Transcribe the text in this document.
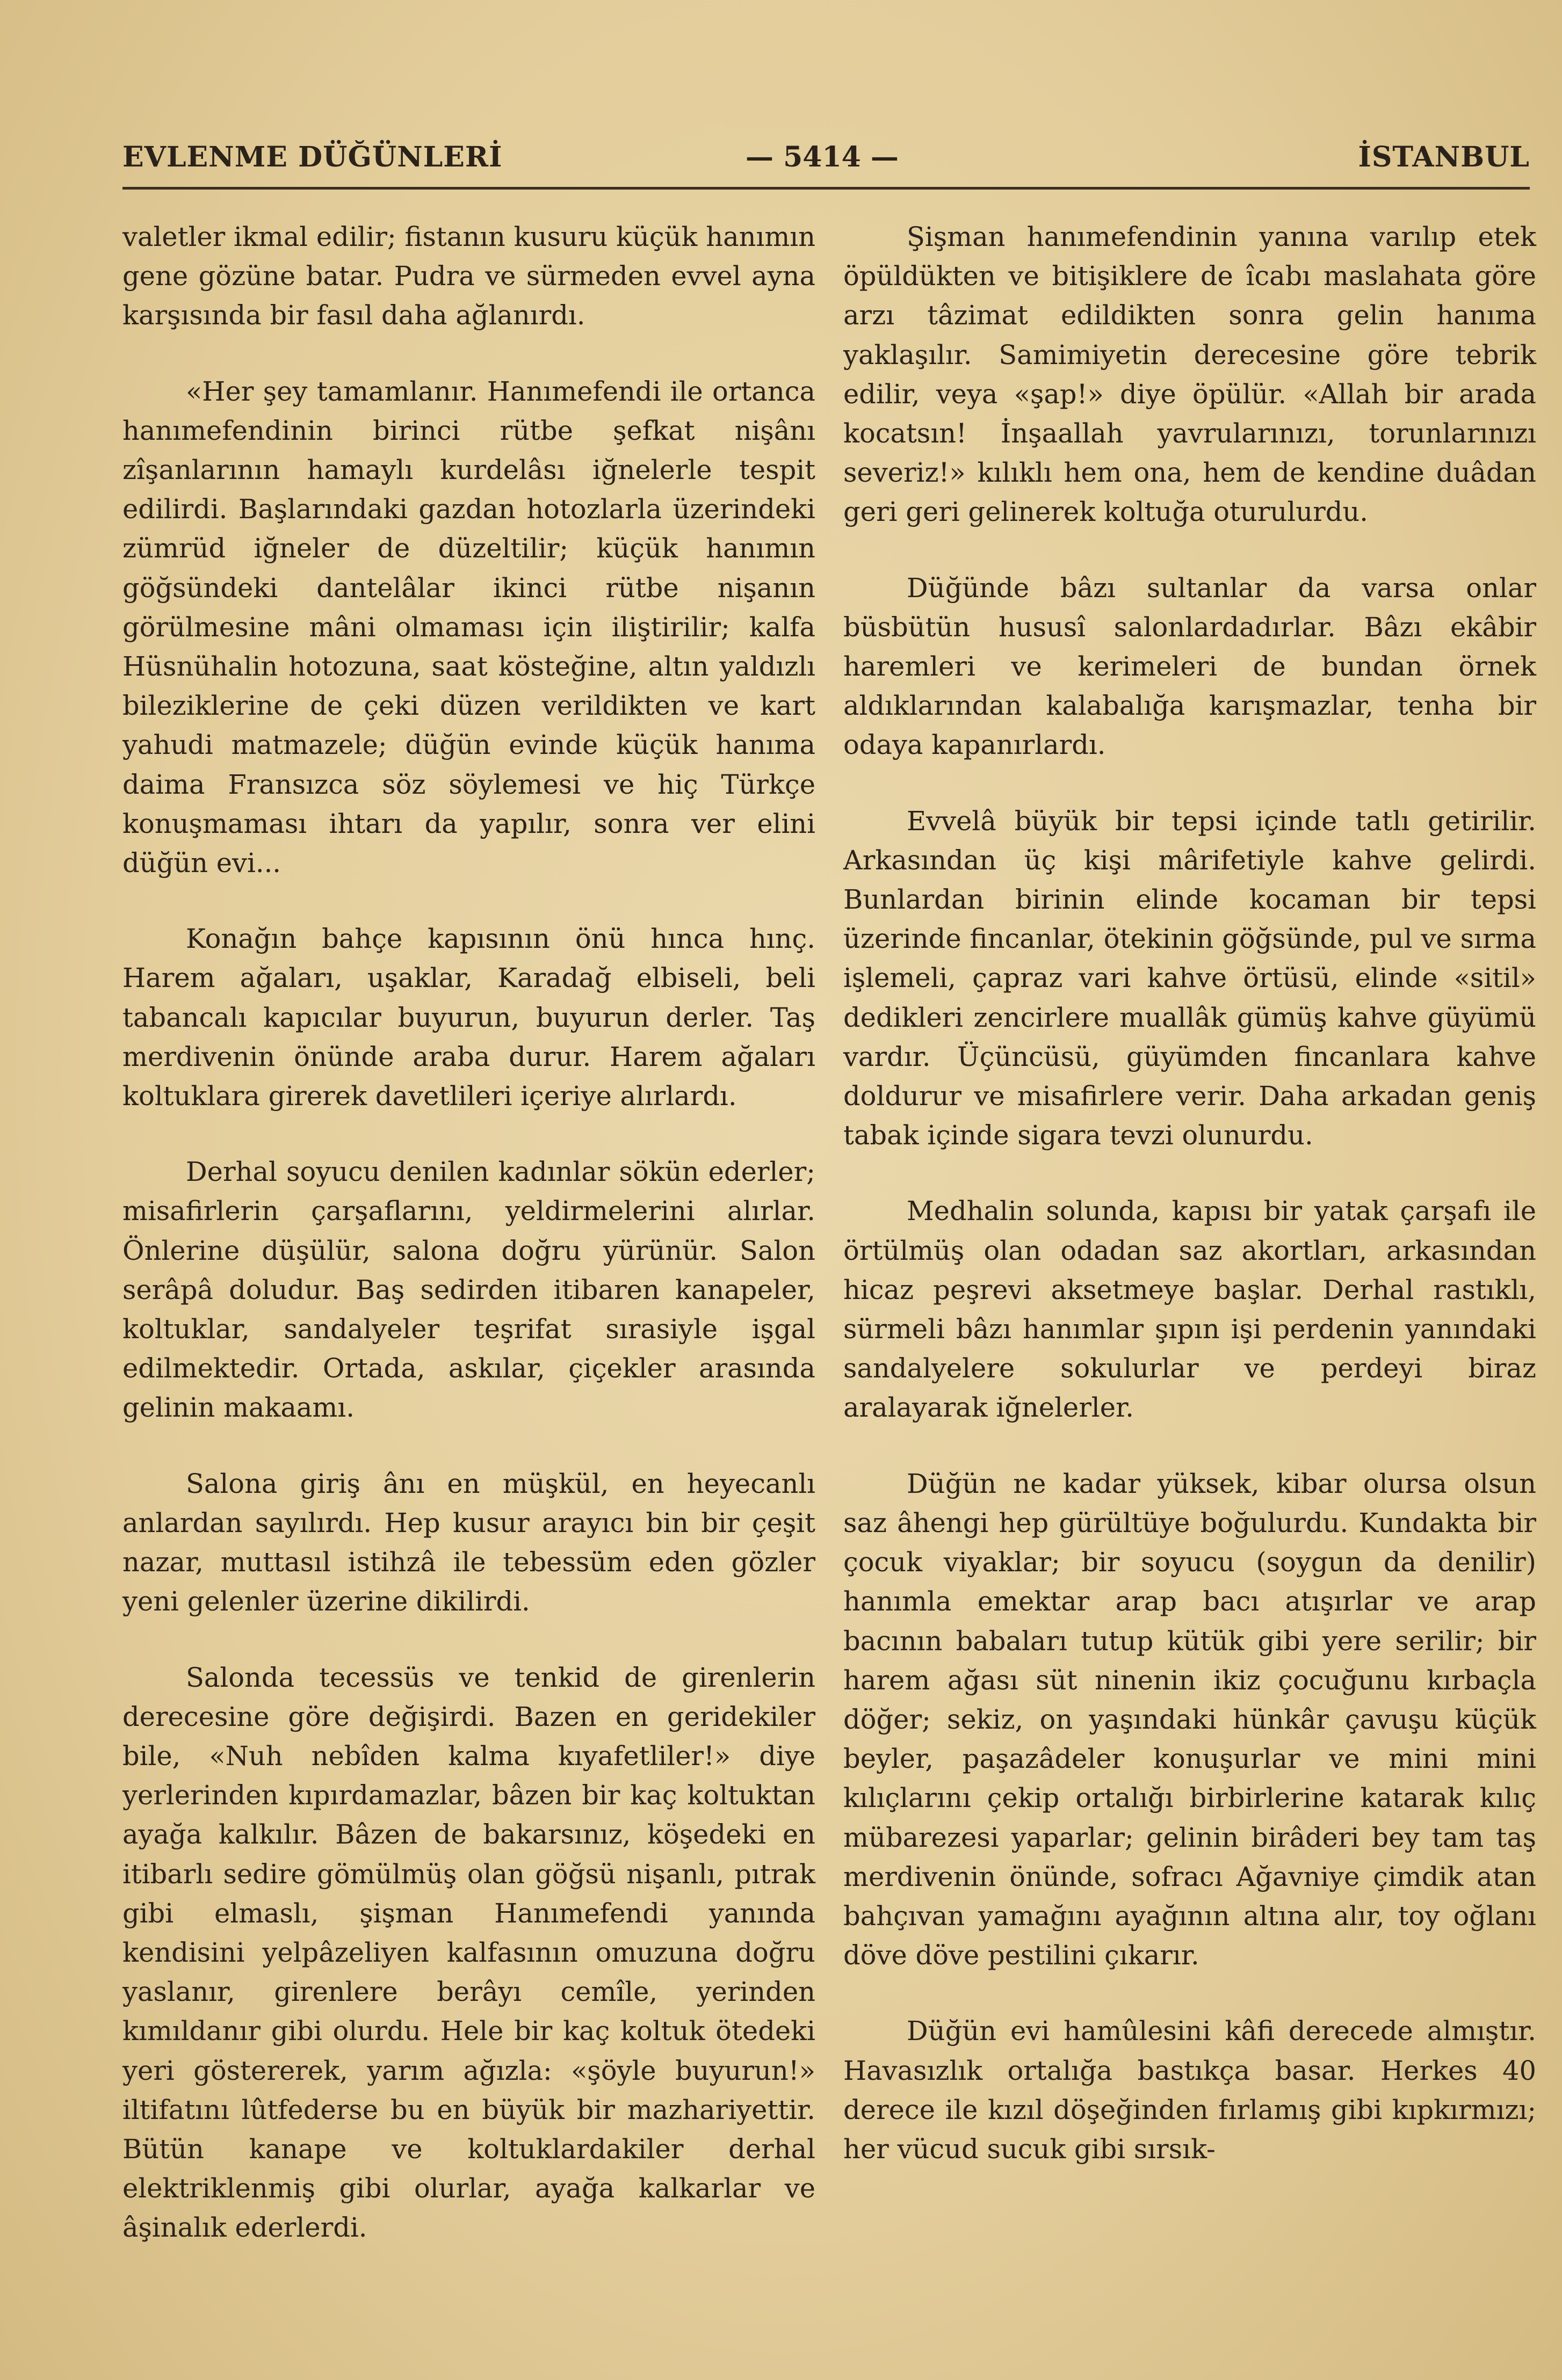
EVLENME DÜĞÜNLERİ	— 5414 —	İSTANBUL

valetler ikmal edilir; fistanın kusuru küçük hanımın gene gözüne batar. Pudra ve sürmeden evvel ayna karşısında bir fasıl daha ağlanırdı.

«Her şey tamamlanır. Hanımefendi ile ortanca hanımefendinin birinci rütbe şefkat nişânı zîşanlarının hamaylı kurdelâsı iğnelerle tespit edilirdi. Başlarındaki gazdan hotozlarla üzerindeki zümrüd iğneler de düzeltilir; küçük hanımın göğsündeki dantelâlar ikinci rütbe nişanın görülmesine mâni olmaması için iliştirilir; kalfa Hüsnühalin hotozuna, saat kösteğine, altın yaldızlı bileziklerine de çeki düzen verildikten ve kart yahudi matmazele; düğün evinde küçük hanıma daima Fransızca söz söylemesi ve hiç Türkçe konuşmaması ihtarı da yapılır, sonra ver elini düğün evi...

Konağın bahçe kapısının önü hınca hınç. Harem ağaları, uşaklar, Karadağ elbiseli, beli tabancalı kapıcılar buyurun, buyurun derler. Taş merdivenin önünde araba durur. Harem ağaları koltuklara girerek davetlileri içeriye alırlardı.

Derhal soyucu denilen kadınlar sökün ederler; misafirlerin çarşaflarını, yeldirmelerini alırlar. Önlerine düşülür, salona doğru yürünür. Salon serâpâ doludur. Baş sedirden itibaren kanapeler, koltuklar, sandalyeler teşrifat sırasiyle işgal edilmektedir. Ortada, askılar, çiçekler arasında gelinin makaamı.

Salona giriş ânı en müşkül, en heyecanlı anlardan sayılırdı. Hep kusur arayıcı bin bir çeşit nazar, muttasıl istihzâ ile tebessüm eden gözler yeni gelenler üzerine dikilirdi.

Salonda tecessüs ve tenkid de girenlerin derecesine göre değişirdi. Bazen en geridekiler bile, «Nuh nebîden kalma kıyafetliler!» diye yerlerinden kıpırdamazlar, bâzen bir kaç koltuktan ayağa kalkılır. Bâzen de bakarsınız, köşedeki en itibarlı sedire gömülmüş olan göğsü nişanlı, pıtrak gibi elmaslı, şişman Hanımefendi yanında kendisini yelpâzeliyen kalfasının omuzuna doğru yaslanır, girenlere berâyı cemîle, yerinden kımıldanır gibi olurdu. Hele bir kaç koltuk ötedeki yeri göstererek, yarım ağızla: «şöyle buyurun!» iltifatını lûtfederse bu en büyük bir mazhariyettir. Bütün kanape ve koltuklardakiler derhal elektriklenmiş gibi olurlar, ayağa kalkarlar ve âşinalık ederlerdi.

Şişman hanımefendinin yanına varılıp etek öpüldükten ve bitişiklere de îcabı maslahata göre arzı tâzimat edildikten sonra gelin hanıma yaklaşılır. Samimiyetin derecesine göre tebrik edilir, veya «şap!» diye öpülür. «Allah bir arada kocatsın! İnşaallah yavrularınızı, torunlarınızı severiz!» kılıklı hem ona, hem de kendine duâdan geri geri gelinerek koltuğa oturulurdu.

Düğünde bâzı sultanlar da varsa onlar büsbütün hususî salonlardadırlar. Bâzı ekâbir haremleri ve kerimeleri de bundan örnek aldıklarından kalabalığa karışmazlar, tenha bir odaya kapanırlardı.

Evvelâ büyük bir tepsi içinde tatlı getirilir. Arkasından üç kişi mârifetiyle kahve gelirdi. Bunlardan birinin elinde kocaman bir tepsi üzerinde fincanlar, ötekinin göğsünde, pul ve sırma işlemeli, çapraz vari kahve örtüsü, elinde «sitil» dedikleri zencirlere muallâk gümüş kahve güyümü vardır. Üçüncüsü, güyümden fincanlara kahve doldurur ve misafirlere verir. Daha arkadan geniş tabak içinde sigara tevzi olunurdu.

Medhalin solunda, kapısı bir yatak çarşafı ile örtülmüş olan odadan saz akortları, arkasından hicaz peşrevi aksetmeye başlar. Derhal rastıklı, sürmeli bâzı hanımlar şıpın işi perdenin yanındaki sandalyelere sokulurlar ve perdeyi biraz aralayarak iğnelerler.

Düğün ne kadar yüksek, kibar olursa olsun saz âhengi hep gürültüye boğulurdu. Kundakta bir çocuk viyaklar; bir soyucu (soygun da denilir) hanımla emektar arap bacı atışırlar ve arap bacının babaları tutup kütük gibi yere serilir; bir harem ağası süt ninenin ikiz çocuğunu kırbaçla döğer; sekiz, on yaşındaki hünkâr çavuşu küçük beyler, paşazâdeler konuşurlar ve mini mini kılıçlarını çekip ortalığı birbirlerine katarak kılıç mübarezesi yaparlar; gelinin birâderi bey tam taş merdivenin önünde, sofracı Ağavniye çimdik atan bahçıvan yamağını ayağının altına alır, toy oğlanı döve döve pestilini çıkarır.

Düğün evi hamûlesini kâfi derecede almıştır. Havasızlık ortalığa bastıkça basar. Herkes 40 derece ile kızıl döşeğinden fırlamış gibi kıpkırmızı; her vücud sucuk gibi sırsık-
